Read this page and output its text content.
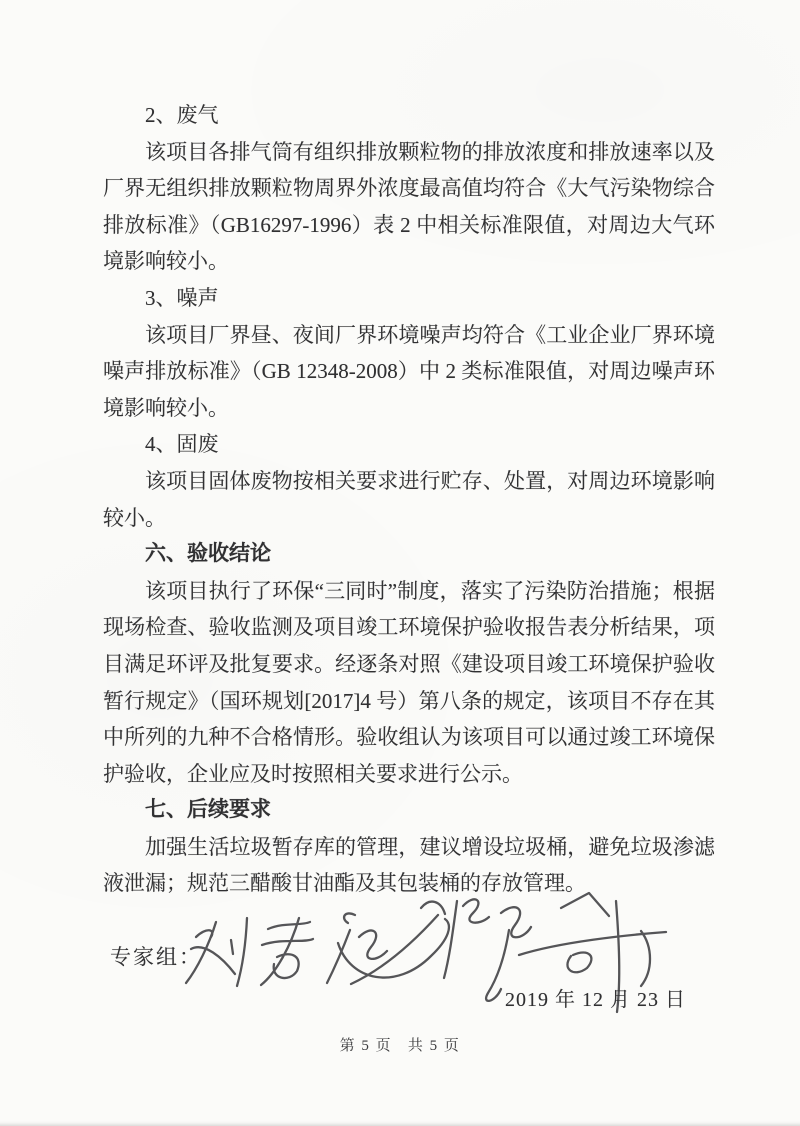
2、废气

该项目各排气筒有组织排放颗粒物的排放浓度和排放速率以及厂界无组织排放颗粒物周界外浓度最高值均符合《大气污染物综合排放标准》（GB16297-1996）表 2 中相关标准限值，对周边大气环境影响较小。

3、噪声

该项目厂界昼、夜间厂界环境噪声均符合《工业企业厂界环境噪声排放标准》（GB 12348-2008）中 2 类标准限值，对周边噪声环境影响较小。

4、固废

该项目固体废物按相关要求进行贮存、处置，对周边环境影响较小。

六、验收结论

该项目执行了环保“三同时”制度，落实了污染防治措施；根据现场检查、验收监测及项目竣工环境保护验收报告表分析结果，项目满足环评及批复要求。经逐条对照《建设项目竣工环境保护验收暂行规定》（国环规划[2017]4 号）第八条的规定，该项目不存在其中所列的九种不合格情形。验收组认为该项目可以通过竣工环境保护验收，企业应及时按照相关要求进行公示。

七、后续要求

加强生活垃圾暂存库的管理，建议增设垃圾桶，避免垃圾渗滤液泄漏；规范三醋酸甘油酯及其包装桶的存放管理。

专家组：
2019 年 12 月 23 日
第 5 页   共 5 页
